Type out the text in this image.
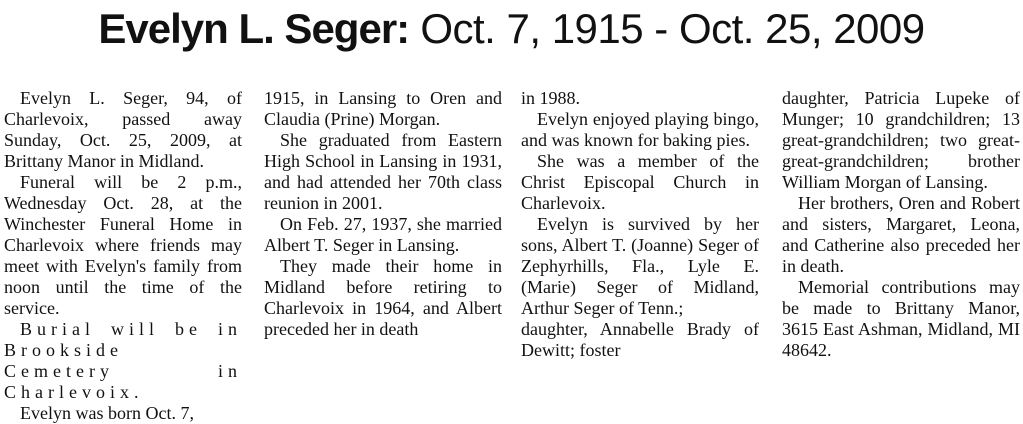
Evelyn L. Seger: Oct. 7, 1915 - Oct. 25, 2009

Evelyn L. Seger, 94, of Charlevoix, passed away Sunday, Oct. 25, 2009, at Brittany Manor in Midland.

Funeral will be 2 p.m., Wednesday Oct. 28, at the Winchester Funeral Home in Charlevoix where friends may meet with Evelyn's family from noon until the time of the service.

Burial will be in Brookside Cemetery in Charlevoix.

Evelyn was born Oct. 7,

1915, in Lansing to Oren and Claudia (Prine) Morgan.

She graduated from Eastern High School in Lansing in 1931, and had attended her 70th class reunion in 2001.

On Feb. 27, 1937, she married Albert T. Seger in Lansing.

They made their home in Midland before retiring to Charlevoix in 1964, and Albert preceded her in death

in 1988.

Evelyn enjoyed playing bingo, and was known for baking pies.

She was a member of the Christ Episcopal Church in Charlevoix.

Evelyn is survived by her sons, Albert T. (Joanne) Seger of Zephyrhills, Fla., Lyle E. (Marie) Seger of Midland, Arthur Seger of Tenn.;

daughter, Annabelle Brady of Dewitt; foster

daughter, Patricia Lupeke of Munger; 10 grandchildren; 13 great-grandchildren; two great-great-grandchildren; brother William Morgan of Lansing.

Her brothers, Oren and Robert and sisters, Margaret, Leona, and Catherine also preceded her in death.

Memorial contributions may be made to Brittany Manor, 3615 East Ashman, Midland, MI 48642.
